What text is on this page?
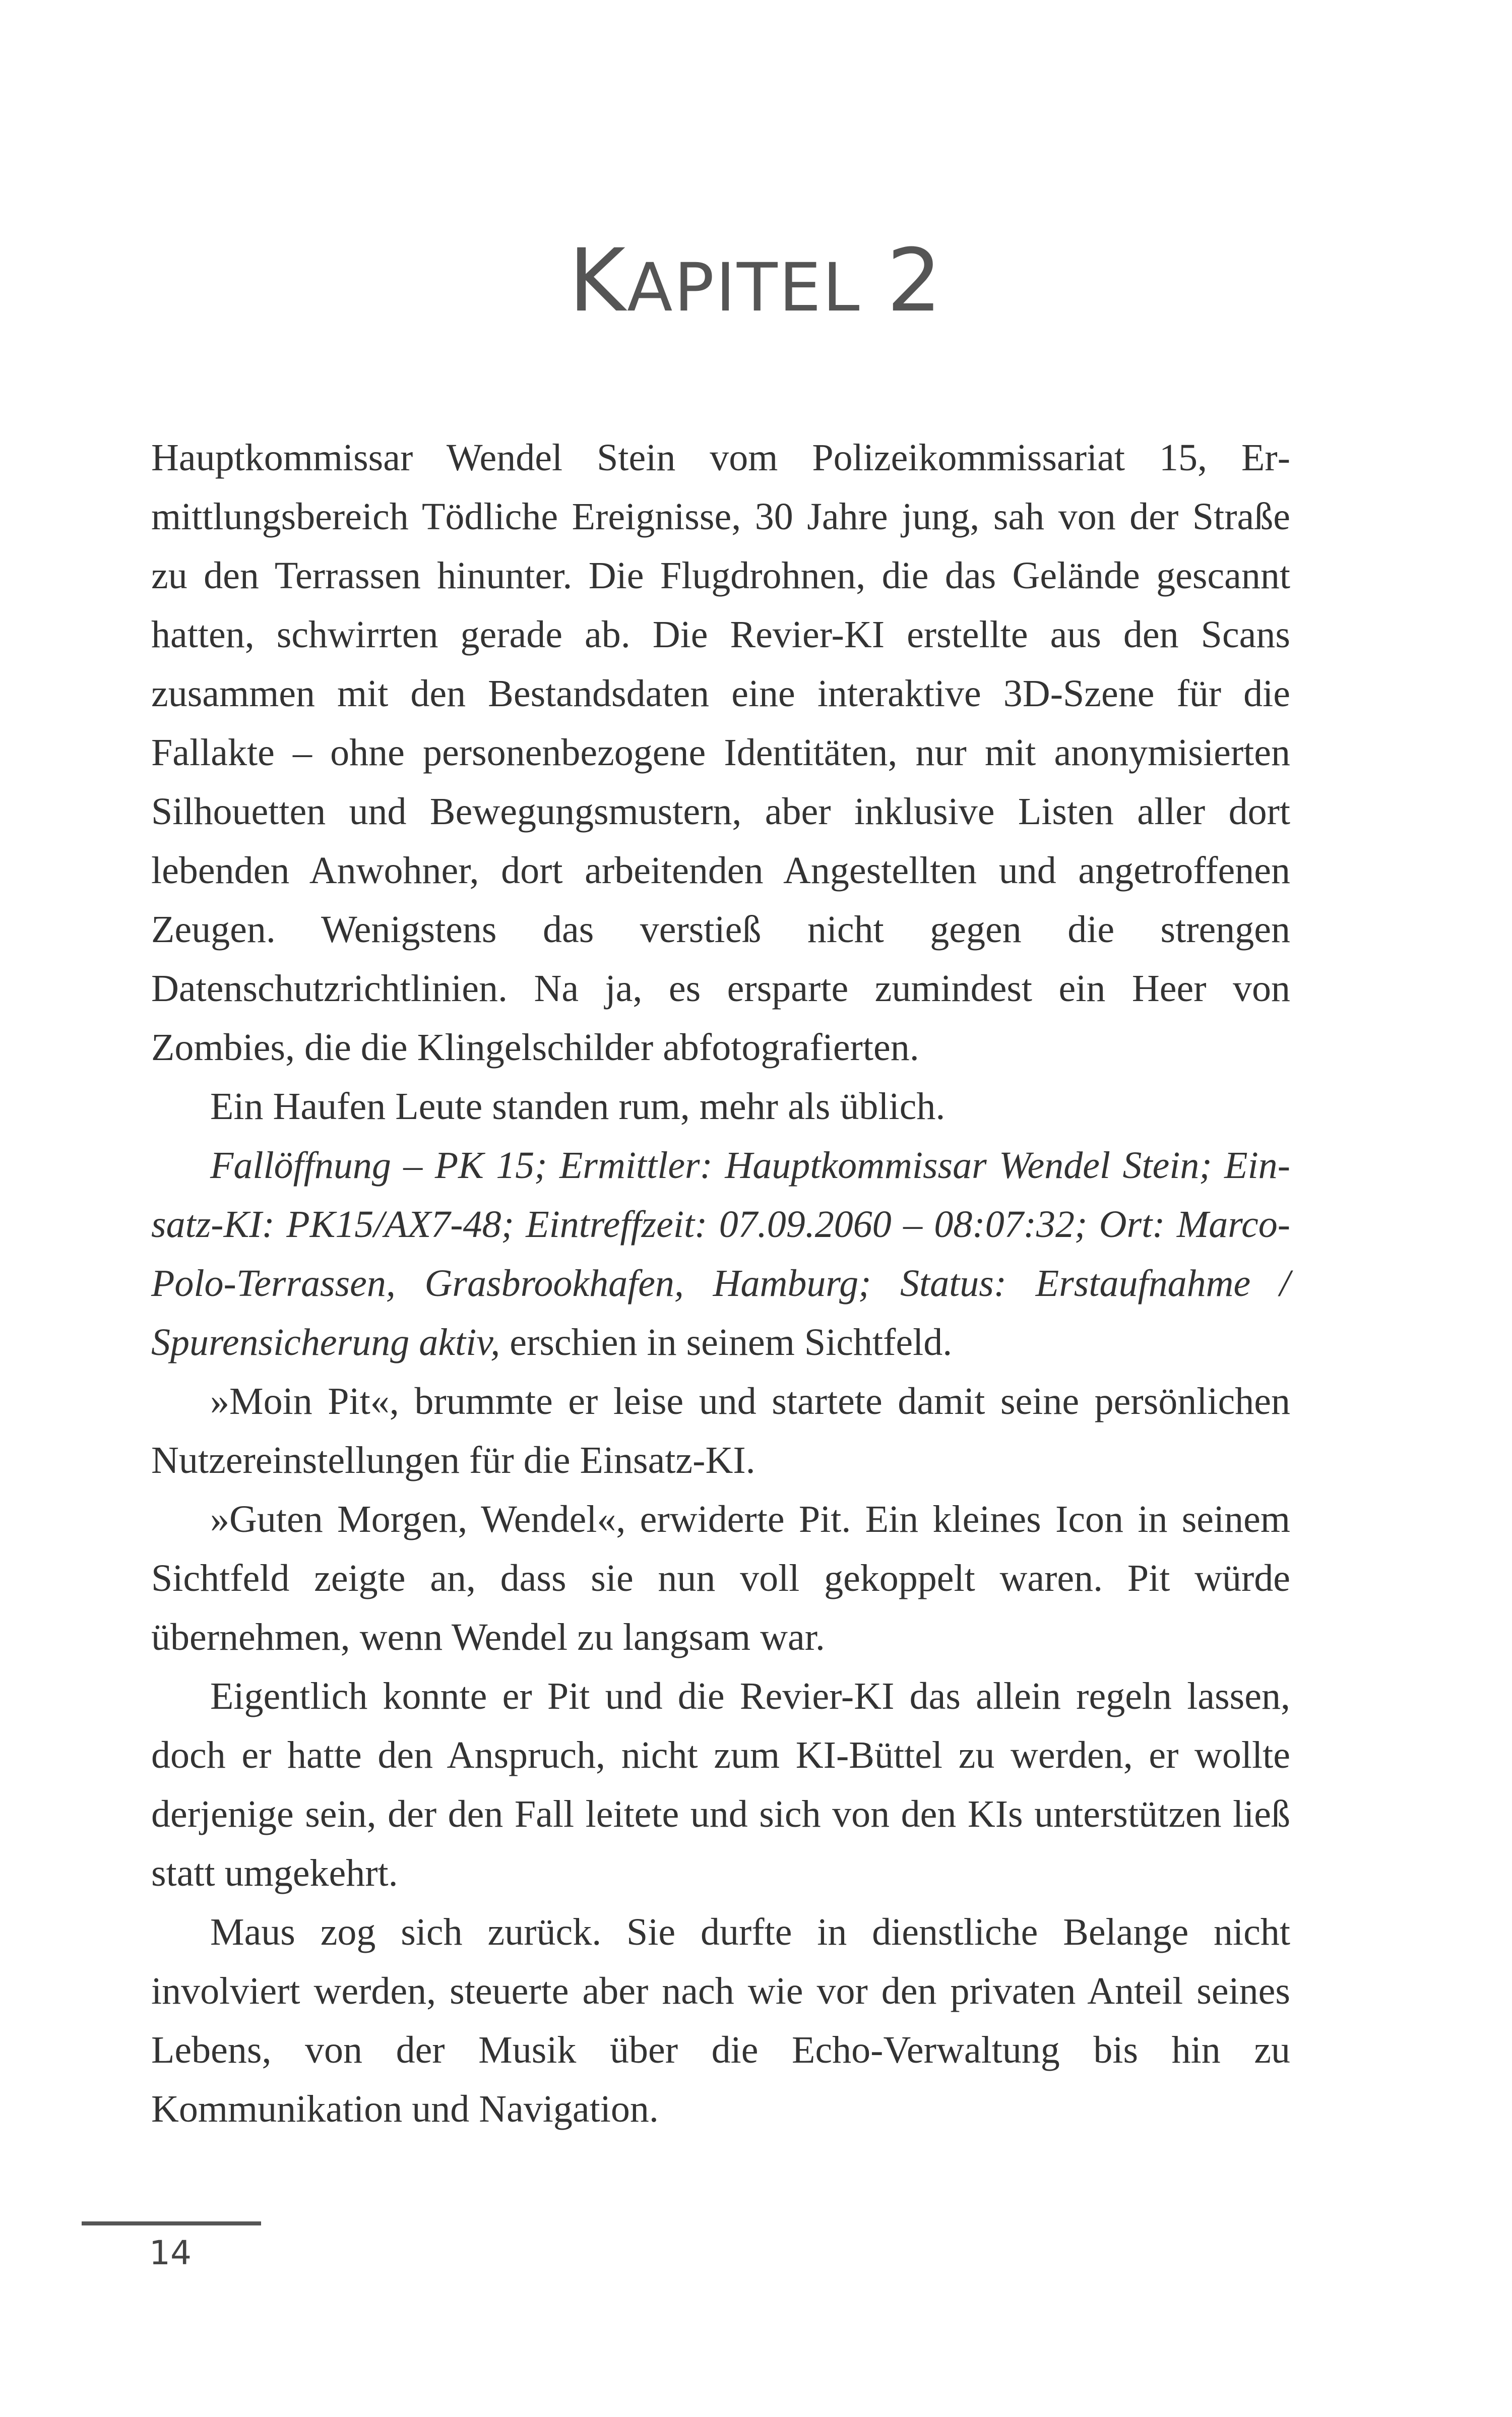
KAPITEL 2

Hauptkommissar Wendel Stein vom Polizeikommissariat 15, Ermittlungsbereich Tödliche Ereignisse, 30 Jahre jung, sah von der Straße zu den Terrassen hinunter. Die Flugdrohnen, die das Gelände gescannt hatten, schwirrten gerade ab. Die Revier-KI erstellte aus den Scans zusammen mit den Bestandsdaten eine interaktive 3D-Szene für die Fallakte – ohne personenbezogene Identitäten, nur mit anonymisierten Silhouetten und Bewegungsmustern, aber inklusive Listen aller dort lebenden Anwohner, dort arbeitenden Angestellten und angetroffenen Zeugen. Wenigstens das verstieß nicht gegen die strengen Datenschutzrichtlinien. Na ja, es ersparte zumindest ein Heer von Zombies, die die Klingelschilder abfotografierten.

Ein Haufen Leute standen rum, mehr als üblich.

Fallöffnung – PK 15; Ermittler: Hauptkommissar Wendel Stein; Einsatz-KI: PK15/AX7-48; Eintreffzeit: 07.09.2060 – 08:07:32; Ort: Marco-Polo-Terrassen, Grasbrookhafen, Hamburg; Status: Erstaufnahme / Spurensicherung aktiv, erschien in seinem Sichtfeld.

»Moin Pit«, brummte er leise und startete damit seine persönlichen Nutzereinstellungen für die Einsatz-KI.

»Guten Morgen, Wendel«, erwiderte Pit. Ein kleines Icon in seinem Sichtfeld zeigte an, dass sie nun voll gekoppelt waren. Pit würde übernehmen, wenn Wendel zu langsam war.

Eigentlich konnte er Pit und die Revier-KI das allein regeln lassen, doch er hatte den Anspruch, nicht zum KI-Büttel zu werden, er wollte derjenige sein, der den Fall leitete und sich von den KIs unterstützen ließ statt umgekehrt.

Maus zog sich zurück. Sie durfte in dienstliche Belange nicht involviert werden, steuerte aber nach wie vor den privaten Anteil seines Lebens, von der Musik über die Echo-Verwaltung bis hin zu Kommunikation und Navigation.

14
